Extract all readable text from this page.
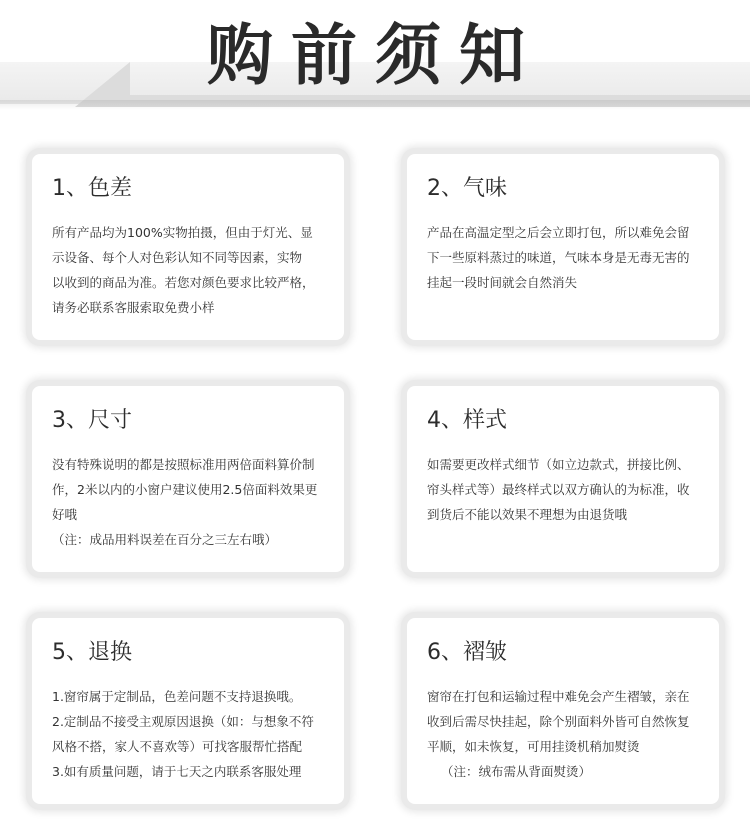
购前须知
1、色差

所有产品均为100%实物拍摄，但由于灯光、显
示设备、每个人对色彩认知不同等因素，实物
以收到的商品为准。若您对颜色要求比较严格，
请务必联系客服索取免费小样

2、气味

产品在高温定型之后会立即打包，所以难免会留
下一些原料蒸过的味道，气味本身是无毒无害的
挂起一段时间就会自然消失

3、尺寸

没有特殊说明的都是按照标准用两倍面料算价制
作，2米以内的小窗户建议使用2.5倍面料效果更
好哦
（注：成品用料误差在百分之三左右哦）

4、样式

如需要更改样式细节（如立边款式，拼接比例、
帘头样式等）最终样式以双方确认的为标准，收
到货后不能以效果不理想为由退货哦

5、退换

1.窗帘属于定制品，色差问题不支持退换哦。
2.定制品不接受主观原因退换（如：与想象不符
风格不搭，家人不喜欢等）可找客服帮忙搭配
3.如有质量问题，请于七天之内联系客服处理

6、褶皱

窗帘在打包和运输过程中难免会产生褶皱，亲在
收到后需尽快挂起，除个别面料外皆可自然恢复
平顺，如未恢复，可用挂烫机稍加熨烫
（注：绒布需从背面熨烫）
